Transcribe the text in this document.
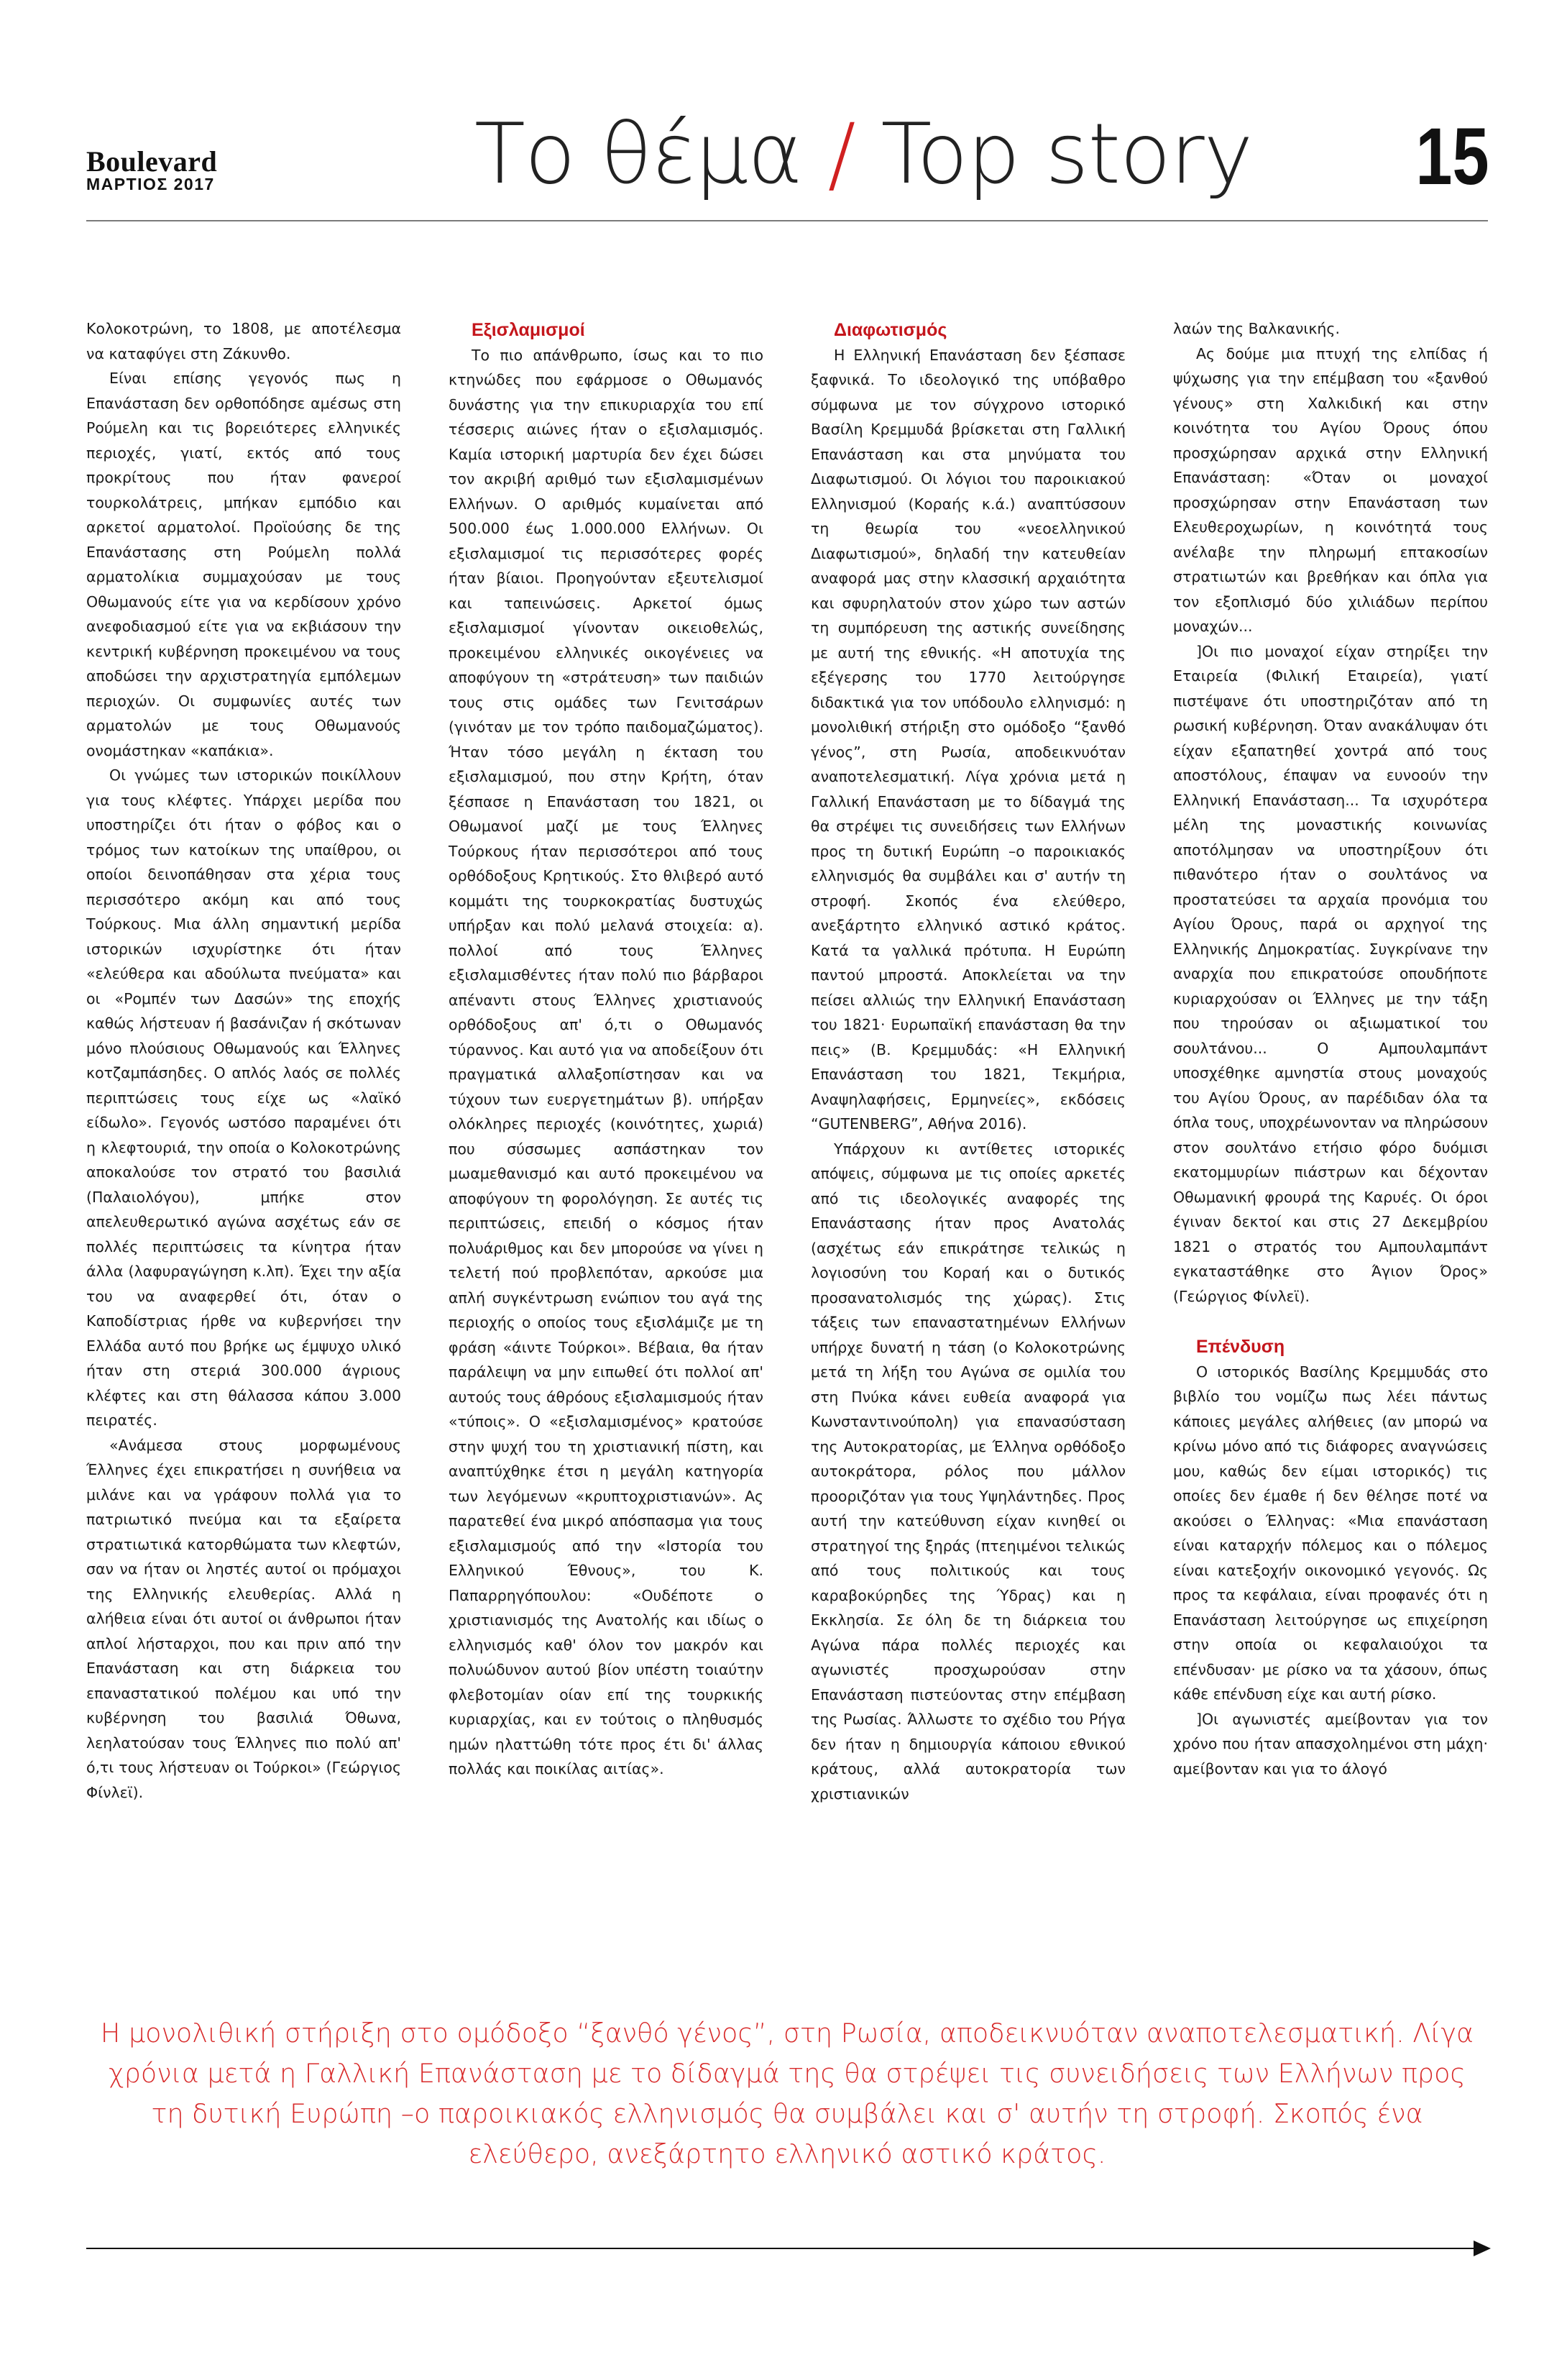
Boulevard
ΜΑΡΤΙΟΣ 2017	Το θέμα / Top story 15

Κολοκοτρώνη, το 1808, με αποτέλεσμα να καταφύγει στη Ζάκυνθο.

Είναι επίσης γεγονός πως η Επανάσταση δεν ορθοπόδησε αμέσως στη Ρούμελη και τις βορειότερες ελληνικές περιοχές, γιατί, εκτός από τους προκρίτους που ήταν φανεροί τουρκολάτρεις, μπήκαν εμπόδιο και αρκετοί αρματολοί. Προϊούσης δε της Επανάστασης στη Ρούμελη πολλά αρματολίκια συμμαχούσαν με τους Οθωμανούς είτε για να κερδίσουν χρόνο ανεφοδιασμού είτε για να εκβιάσουν την κεντρική κυβέρνηση προκειμένου να τους αποδώσει την αρχιστρατηγία εμπόλεμων περιοχών. Οι συμφωνίες αυτές των αρματολών με τους Οθωμανούς ονομάστηκαν «καπάκια».

Οι γνώμες των ιστορικών ποικίλλουν για τους κλέφτες. Υπάρχει μερίδα που υποστηρίζει ότι ήταν ο φόβος και ο τρόμος των κατοίκων της υπαίθρου, οι οποίοι δεινοπάθησαν στα χέρια τους περισσότερο ακόμη και από τους Τούρκους. Μια άλλη σημαντική μερίδα ιστορικών ισχυρίστηκε ότι ήταν «ελεύθερα και αδούλωτα πνεύματα» και οι «Ρομπέν των Δασών» της εποχής καθώς λήστευαν ή βασάνιζαν ή σκότωναν μόνο πλούσιους Οθωμανούς και Έλληνες κοτζαμπάσηδες. Ο απλός λαός σε πολλές περιπτώσεις τους είχε ως «λαϊκό είδωλο». Γεγονός ωστόσο παραμένει ότι η κλεφτουριά, την οποία ο Κολοκοτρώνης αποκαλούσε τον στρατό του βασιλιά (Παλαιολόγου), μπήκε στον απελευθερωτικό αγώνα ασχέτως εάν σε πολλές περιπτώσεις τα κίνητρα ήταν άλλα (λαφυραγώγηση κ.λπ). Έχει την αξία του να αναφερθεί ότι, όταν ο Καποδίστριας ήρθε να κυβερνήσει την Ελλάδα αυτό που βρήκε ως έμψυχο υλικό ήταν στη στεριά 300.000 άγριους κλέφτες και στη θάλασσα κάπου 3.000 πειρατές.

«Ανάμεσα στους μορφωμένους Έλληνες έχει επικρατήσει η συνήθεια να μιλάνε και να γράφουν πολλά για το πατριωτικό πνεύμα και τα εξαίρετα στρατιωτικά κατορθώματα των κλεφτών, σαν να ήταν οι ληστές αυτοί οι πρόμαχοι της Ελληνικής ελευθερίας. Αλλά η αλήθεια είναι ότι αυτοί οι άνθρωποι ήταν απλοί λήσταρχοι, που και πριν από την Επανάσταση και στη διάρκεια του επαναστατικού πολέμου και υπό την κυβέρνηση του βασιλιά Όθωνα, λεηλατούσαν τους Έλληνες πιο πολύ απ' ό,τι τους λήστευαν οι Τούρκοι» (Γεώργιος Φίνλεϊ).

Εξισλαμισμοί

Το πιο απάνθρωπο, ίσως και το πιο κτηνώδες που εφάρμοσε ο Οθωμανός δυνάστης για την επικυριαρχία του επί τέσσερις αιώνες ήταν ο εξισλαμισμός. Καμία ιστορική μαρτυρία δεν έχει δώσει τον ακριβή αριθμό των εξισλαμισμένων Ελλήνων. Ο αριθμός κυμαίνεται από 500.000 έως 1.000.000 Ελλήνων. Οι εξισλαμισμοί τις περισσότερες φορές ήταν βίαιοι. Προηγούνταν εξευτελισμοί και ταπεινώσεις. Αρκετοί όμως εξισλαμισμοί γίνονταν οικειοθελώς, προκειμένου ελληνικές οικογένειες να αποφύγουν τη «στράτευση» των παιδιών τους στις ομάδες των Γενιτσάρων (γινόταν με τον τρόπο παιδομαζώματος). Ήταν τόσο μεγάλη η έκταση του εξισλαμισμού, που στην Κρήτη, όταν ξέσπασε η Επανάσταση του 1821, οι Οθωμανοί μαζί με τους Έλληνες Τούρκους ήταν περισσότεροι από τους ορθόδοξους Κρητικούς. Στο θλιβερό αυτό κομμάτι της τουρκοκρατίας δυστυχώς υπήρξαν και πολύ μελανά στοιχεία: α). πολλοί από τους Έλληνες εξισλαμισθέντες ήταν πολύ πιο βάρβαροι απέναντι στους Έλληνες χριστιανούς ορθόδοξους απ' ό,τι ο Οθωμανός τύραννος. Και αυτό για να αποδείξουν ότι πραγματικά αλλαξοπίστησαν και να τύχουν των ευεργετημάτων β). υπήρξαν ολόκληρες περιοχές (κοινότητες, χωριά) που σύσσωμες ασπάστηκαν τον μωαμεθανισμό και αυτό προκειμένου να αποφύγουν τη φορολόγηση. Σε αυτές τις περιπτώσεις, επειδή ο κόσμος ήταν πολυάριθμος και δεν μπορούσε να γίνει η τελετή πού προβλεπόταν, αρκούσε μια απλή συγκέντρωση ενώπιον του αγά της περιοχής ο οποίος τους εξισλάμιζε με τη φράση «άιντε Τούρκοι». Βέβαια, θα ήταν παράλειψη να μην ειπωθεί ότι πολλοί απ' αυτούς τους άθρόους εξισλαμισμούς ήταν «τύποις». Ο «εξισλαμισμένος» κρατούσε στην ψυχή του τη χριστιανική πίστη, και αναπτύχθηκε έτσι η μεγάλη κατηγορία των λεγόμενων «κρυπτοχριστιανών». Ας παρατεθεί ένα μικρό απόσπασμα για τους εξισλαμισμούς από την «Ιστορία του Ελληνικού Έθνους», του Κ. Παπαρρηγόπουλου: «Ουδέποτε ο χριστιανισμός της Ανατολής και ιδίως ο ελληνισμός καθ' όλον τον μακρόν και πολυώδυνον αυτού βίον υπέστη τοιαύτην φλεβοτομίαν οίαν επί της τουρκικής κυριαρχίας, και εν τούτοις ο πληθυσμός ημών ηλαττώθη τότε προς έτι δι' άλλας πολλάς και ποικίλας αιτίας».

Διαφωτισμός

Η Ελληνική Επανάσταση δεν ξέσπασε ξαφνικά. Το ιδεολογικό της υπόβαθρο σύμφωνα με τον σύγχρονο ιστορικό Βασίλη Κρεμμυδά βρίσκεται στη Γαλλική Επανάσταση και στα μηνύματα του Διαφωτισμού. Οι λόγιοι του παροικιακού Ελληνισμού (Κοραής κ.ά.) αναπτύσσουν τη θεωρία του «νεοελληνικού Διαφωτισμού», δηλαδή την κατευθείαν αναφορά μας στην κλασσική αρχαιότητα και σφυρηλατούν στον χώρο των αστών τη συμπόρευση της αστικής συνείδησης με αυτή της εθνικής. «Η αποτυχία της εξέγερσης του 1770 λειτούργησε διδακτικά για τον υπόδουλο ελληνισμό: η μονολιθική στήριξη στο ομόδοξο “ξανθό γένος”, στη Ρωσία, αποδεικνυόταν αναποτελεσματική. Λίγα χρόνια μετά η Γαλλική Επανάσταση με το δίδαγμά της θα στρέψει τις συνειδήσεις των Ελλήνων προς τη δυτική Ευρώπη –ο παροικιακός ελληνισμός θα συμβάλει και σ' αυτήν τη στροφή. Σκοπός ένα ελεύθερο, ανεξάρτητο ελληνικό αστικό κράτος. Κατά τα γαλλικά πρότυπα. Η Ευρώπη παντού μπροστά. Αποκλείεται να την πείσει αλλιώς την Ελληνική Επανάσταση του 1821· Ευρωπαϊκή επανάσταση θα την πεις» (Β. Κρεμμυδάς: «Η Ελληνική Επανάσταση του 1821, Τεκμήρια, Αναψηλαφήσεις, Ερμηνείες», εκδόσεις “GUTENBERG”, Αθήνα 2016).

Υπάρχουν κι αντίθετες ιστορικές απόψεις, σύμφωνα με τις οποίες αρκετές από τις ιδεολογικές αναφορές της Επανάστασης ήταν προς Ανατολάς (ασχέτως εάν επικράτησε τελικώς η λογιοσύνη του Κοραή και ο δυτικός προσανατολισμός της χώρας). Στις τάξεις των επαναστατημένων Ελλήνων υπήρχε δυνατή η τάση (ο Κολοκοτρώνης μετά τη λήξη του Αγώνα σε ομιλία του στη Πνύκα κάνει ευθεία αναφορά για Κωνσταντινούπολη) για επανασύσταση της Αυτοκρατορίας, με Έλληνα ορθόδοξο αυτοκράτορα, ρόλος που μάλλον προοριζόταν για τους Υψηλάντηδες. Προς αυτή την κατεύθυνση είχαν κινηθεί οι στρατηγοί της ξηράς (πτεηιμένοι τελικώς από τους πολιτικούς και τους καραβοκύρηδες της Ύδρας) και η Εκκλησία. Σε όλη δε τη διάρκεια του Αγώνα πάρα πολλές περιοχές και αγωνιστές προσχωρούσαν στην Επανάσταση πιστεύοντας στην επέμβαση της Ρωσίας. Άλλωστε το σχέδιο του Ρήγα δεν ήταν η δημιουργία κάποιου εθνικού κράτους, αλλά αυτοκρατορία των χριστιανικών

λαών της Βαλκανικής.

Ας δούμε μια πτυχή της ελπίδας ή ψύχωσης για την επέμβαση του «ξανθού γένους» στη Χαλκιδική και στην κοινότητα του Αγίου Όρους όπου προσχώρησαν αρχικά στην Ελληνική Επανάσταση: «Όταν οι μοναχοί προσχώρησαν στην Επανάσταση των Ελευθεροχωρίων, η κοινότητά τους ανέλαβε την πληρωμή επτακοσίων στρατιωτών και βρεθήκαν και όπλα για τον εξοπλισμό δύο χιλιάδων περίπου μοναχών...

]Οι πιο μοναχοί είχαν στηρίξει την Εταιρεία (Φιλική Εταιρεία), γιατί πιστέψανε ότι υποστηριζόταν από τη ρωσική κυβέρνηση. Όταν ανακάλυψαν ότι είχαν εξαπατηθεί χοντρά από τους αποστόλους, έπαψαν να ευνοούν την Ελληνική Επανάσταση... Τα ισχυρότερα μέλη της μοναστικής κοινωνίας αποτόλμησαν να υποστηρίξουν ότι πιθανότερο ήταν ο σουλτάνος να προστατεύσει τα αρχαία προνόμια του Αγίου Όρους, παρά οι αρχηγοί της Ελληνικής Δημοκρατίας. Συγκρίνανε την αναρχία που επικρατούσε οπουδήποτε κυριαρχούσαν οι Έλληνες με την τάξη που τηρούσαν οι αξιωματικοί του σουλτάνου... Ο Αμπουλαμπάντ υποσχέθηκε αμνηστία στους μοναχούς του Αγίου Όρους, αν παρέδιδαν όλα τα όπλα τους, υποχρέωνονταν να πληρώσουν στον σουλτάνο ετήσιο φόρο δυόμισι εκατομμυρίων πιάστρων και δέχονταν Οθωμανική φρουρά της Καρυές. Οι όροι έγιναν δεκτοί και στις 27 Δεκεμβρίου 1821 ο στρατός του Αμπουλαμπάντ εγκαταστάθηκε στο Άγιον Όρος» (Γεώργιος Φίνλεϊ).

Επένδυση

Ο ιστορικός Βασίλης Κρεμμυδάς στο βιβλίο του νομίζω πως λέει πάντως κάποιες μεγάλες αλήθειες (αν μπορώ να κρίνω μόνο από τις διάφορες αναγνώσεις μου, καθώς δεν είμαι ιστορικός) τις οποίες δεν έμαθε ή δεν θέλησε ποτέ να ακούσει ο Έλληνας: «Μια επανάσταση είναι καταρχήν πόλεμος και ο πόλεμος είναι κατεξοχήν οικονομικό γεγονός. Ως προς τα κεφάλαια, είναι προφανές ότι η Επανάσταση λειτούργησε ως επιχείρηση στην οποία οι κεφαλαιούχοι τα επένδυσαν· με ρίσκο να τα χάσουν, όπως κάθε επένδυση είχε και αυτή ρίσκο.

]Οι αγωνιστές αμείβονταν για τον χρόνο που ήταν απασχολημένοι στη μάχη· αμείβονταν και για το άλογό

Η μονολιθική στήριξη στο ομόδοξο “ξανθό γένος”, στη Ρωσία, αποδεικνυόταν αναποτελεσματική. Λίγα χρόνια μετά η Γαλλική Επανάσταση με το δίδαγμά της θα στρέψει τις συνειδήσεις των Ελλήνων προς τη δυτική Ευρώπη –ο παροικιακός ελληνισμός θα συμβάλει και σ' αυτήν τη στροφή. Σκοπός ένα ελεύθερο, ανεξάρτητο ελληνικό αστικό κράτος.
